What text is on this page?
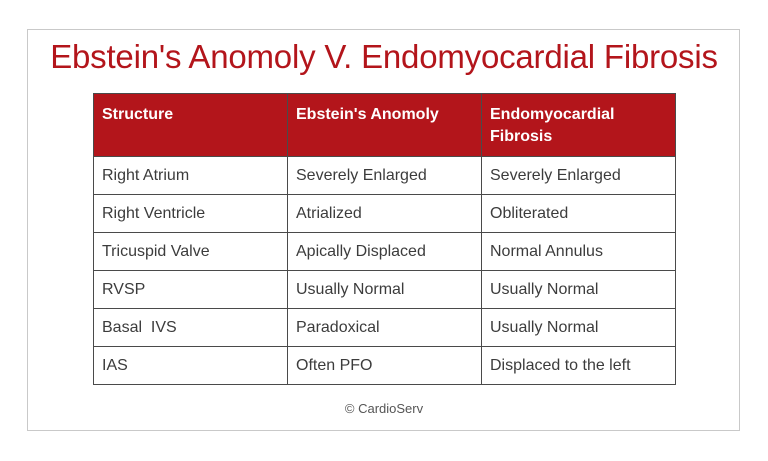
Ebstein's Anomoly V. Endomyocardial Fibrosis
Structure	Ebstein's Anomoly	Endomyocardial Fibrosis
Right Atrium	Severely Enlarged	Severely Enlarged
Right Ventricle	Atrialized	Obliterated
Tricuspid Valve	Apically Displaced	Normal Annulus
RVSP	Usually Normal	Usually Normal
Basal  IVS	Paradoxical	Usually Normal
IAS	Often PFO	Displaced to the left
© CardioServ
